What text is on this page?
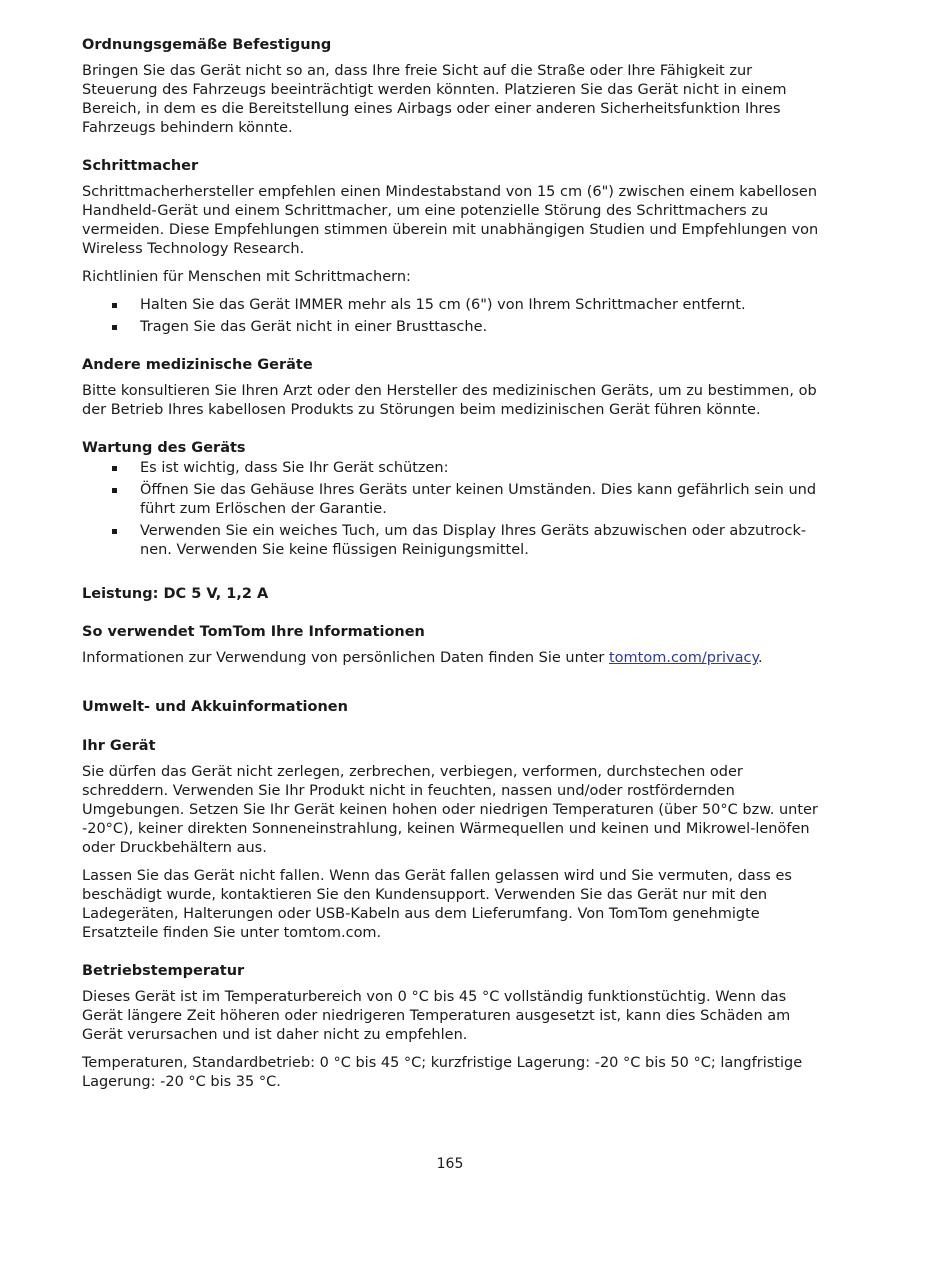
Ordnungsgemäße Befestigung

Bringen Sie das Gerät nicht so an, dass Ihre freie Sicht auf die Straße oder Ihre Fähigkeit zur Steuerung des Fahrzeugs beeinträchtigt werden könnten. Platzieren Sie das Gerät nicht in einem Bereich, in dem es die Bereitstellung eines Airbags oder einer anderen Sicherheitsfunktion Ihres Fahrzeugs behindern könnte.

Schrittmacher

Schrittmacherhersteller empfehlen einen Mindestabstand von 15 cm (6") zwischen einem kabellosen Handheld-Gerät und einem Schrittmacher, um eine potenzielle Störung des Schrittmachers zu vermeiden. Diese Empfehlungen stimmen überein mit unabhängigen Studien und Empfehlungen von Wireless Technology Research.

Richtlinien für Menschen mit Schrittmachern:

Halten Sie das Gerät IMMER mehr als 15 cm (6") von Ihrem Schrittmacher entfernt.
Tragen Sie das Gerät nicht in einer Brusttasche.
Andere medizinische Geräte

Bitte konsultieren Sie Ihren Arzt oder den Hersteller des medizinischen Geräts, um zu bestimmen, ob der Betrieb Ihres kabellosen Produkts zu Störungen beim medizinischen Gerät führen könnte.

Wartung des Geräts
Es ist wichtig, dass Sie Ihr Gerät schützen:
Öffnen Sie das Gehäuse Ihres Geräts unter keinen Umständen. Dies kann gefährlich sein und führt zum Erlöschen der Garantie.
Verwenden Sie ein weiches Tuch, um das Display Ihres Geräts abzuwischen oder abzutrock-nen. Verwenden Sie keine flüssigen Reinigungsmittel.
Leistung: DC 5 V, 1,2 A
So verwendet TomTom Ihre Informationen

Informationen zur Verwendung von persönlichen Daten finden Sie unter tomtom.com/privacy.

Umwelt- und Akkuinformationen
Ihr Gerät

Sie dürfen das Gerät nicht zerlegen, zerbrechen, verbiegen, verformen, durchstechen oder schreddern. Verwenden Sie Ihr Produkt nicht in feuchten, nassen und/oder rostfördernden Umgebungen. Setzen Sie Ihr Gerät keinen hohen oder niedrigen Temperaturen (über 50°C bzw. unter -20°C), keiner direkten Sonneneinstrahlung, keinen Wärmequellen und keinen und Mikrowel-lenöfen oder Druckbehältern aus.

Lassen Sie das Gerät nicht fallen. Wenn das Gerät fallen gelassen wird und Sie vermuten, dass es beschädigt wurde, kontaktieren Sie den Kundensupport. Verwenden Sie das Gerät nur mit den Ladegeräten, Halterungen oder USB-Kabeln aus dem Lieferumfang. Von TomTom genehmigte Ersatzteile finden Sie unter tomtom.com.

Betriebstemperatur

Dieses Gerät ist im Temperaturbereich von 0 °C bis 45 °C vollständig funktionstüchtig. Wenn das Gerät längere Zeit höheren oder niedrigeren Temperaturen ausgesetzt ist, kann dies Schäden am Gerät verursachen und ist daher nicht zu empfehlen.

Temperaturen, Standardbetrieb: 0 °C bis 45 °C; kurzfristige Lagerung: -20 °C bis 50 °C; langfristige Lagerung: -20 °C bis 35 °C.

165
